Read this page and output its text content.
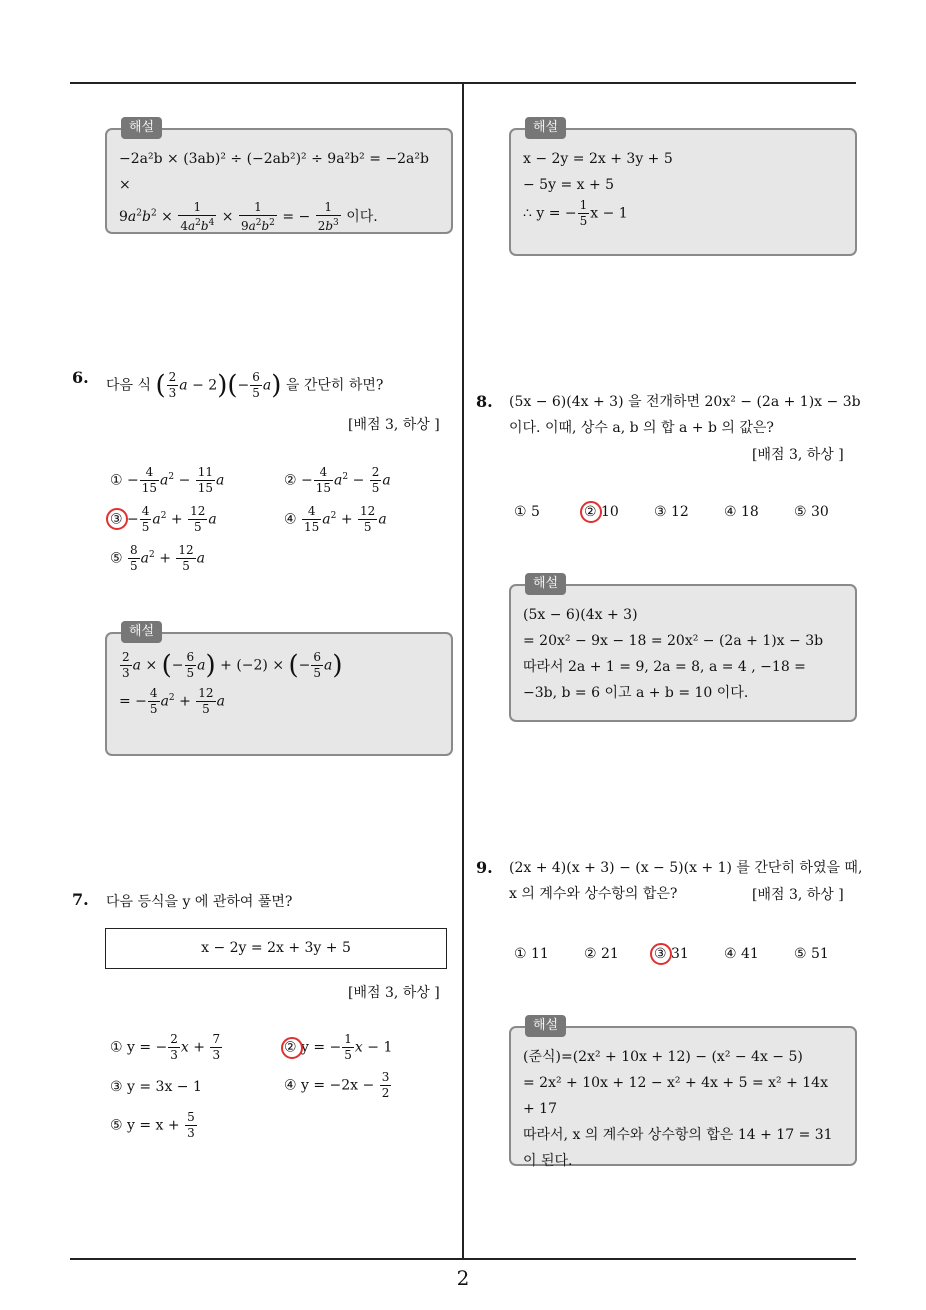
해설
−2a²b × (3ab)² ÷ (−2ab²)² ÷ 9a²b² = −2a²b ×
$9a^2b^2 \times \frac{1}{4a^2b^4} \times \frac{1}{9a^2b^2}$ = − $\frac{1}{2b^3}$ 이다.
6. 다음 식 ( $\frac{2}{3}$ $a - 2)(- \frac{6}{5} a)$ 을 간단히 하면?
[배점 3, 하상 ]
① − $\frac{4}{15} a^2 - \frac{11}{15}$ a	② − $\frac{4}{15} a^2 - \frac{2}{5}$ a
③ − $\frac{4}{5} a^2 + \frac{12}{5}$ a	④ $\frac{4}{15} a^2 + \frac{12}{5}$ a
⑤ $\frac{8}{5} a^2 + \frac{12}{5}$ a
해설
$\frac{2}{3}$ a × (− $\frac{6}{5} a) + (-2)$ × (− $\frac{6}{5} a$)
= − $\frac{4}{5} a^2 + \frac{12}{5}$ a
7. 다음 등식을 y 에 관하여 풀면?
x − 2y = 2x + 3y + 5
[배점 3, 하상 ]
① y = − $\frac{2}{3}$ $x + \frac{7}{3}$	② y = − $\frac{1}{5}$ x − 1
③ y = 3x − 1	④ $y = -2x - \frac{3}{2}$
⑤ $y = x + \frac{5}{3}$
해설
x − 2y = 2x + 3y + 5
− 5y = x + 5
∴ y = − $\frac{1}{5}$ x − 1
8. (5x − 6)(4x + 3) 을 전개하면 20x² − (2a + 1)x − 3b
이다. 이때, 상수 a, b 의 합 a + b 의 값은?
[배점 3, 하상 ]
① 5	② 10	③ 12	④ 18	⑤ 30
해설
(5x − 6)(4x + 3)
= 20x² − 9x − 18 = 20x² − (2a + 1)x − 3b
따라서 2a + 1 = 9, 2a = 8, a = 4 , −18 =
−3b, b = 6 이고 a + b = 10 이다.
9. (2x + 4)(x + 3) − (x − 5)(x + 1) 를 간단히 하였을 때,
x 의 계수와 상수항의 합은?	[배점 3, 하상 ]
① 11	② 21	③ 31	④ 41	⑤ 51
해설
(준식)=(2x² + 10x + 12) − (x² − 4x − 5)
= 2x² + 10x + 12 − x² + 4x + 5 = x² + 14x + 17
따라서, x 의 계수와 상수항의 합은 14 + 17 = 31
이 된다.
2
